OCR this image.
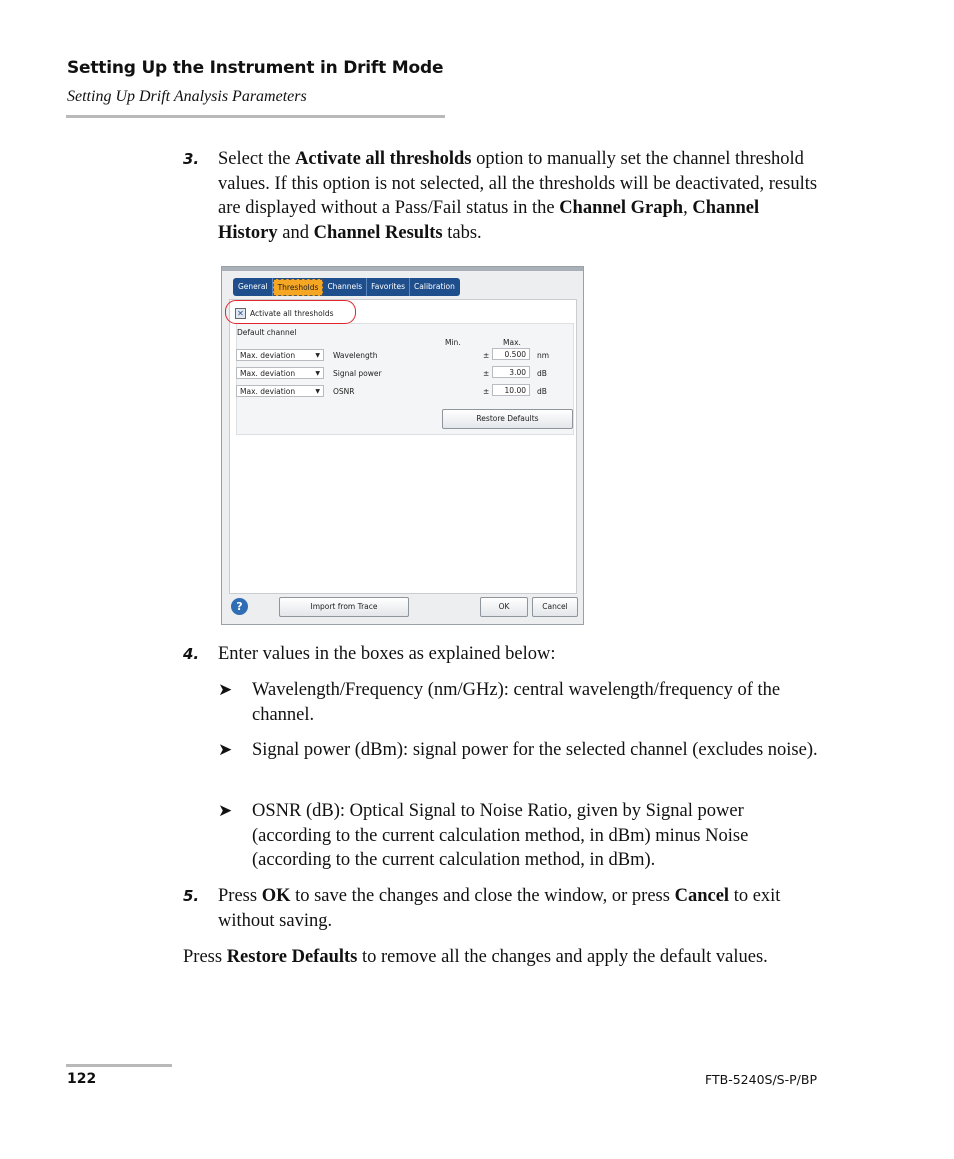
Setting Up the Instrument in Drift Mode
Setting Up Drift Analysis Parameters
3. Select the Activate all thresholds option to manually set the channel threshold values. If this option is not selected, all the thresholds will be deactivated, results are displayed without a Pass/Fail status in the Channel Graph, Channel History and Channel Results tabs.
General	Thresholds	Channels	Favorites	Calibration
✕ Activate all thresholds
Default channel
Min.	Max.
Max. deviation	▼ Wavelength	±	0.500	nm
Max. deviation	▼ Signal power	±	3.00	dB
Max. deviation	▼ OSNR	±	10.00	dB
Restore Defaults
?	Import from Trace	OK	Cancel
4. Enter values in the boxes as explained below:
➤ Wavelength/Frequency (nm/GHz): central wavelength/frequency of the channel.
➤ Signal power (dBm): signal power for the selected channel (excludes noise).
➤ OSNR (dB): Optical Signal to Noise Ratio, given by Signal power (according to the current calculation method, in dBm) minus Noise (according to the current calculation method, in dBm).
5. Press OK to save the changes and close the window, or press Cancel to exit without saving.
Press Restore Defaults to remove all the changes and apply the default values.
122	FTB-5240S/S-P/BP
